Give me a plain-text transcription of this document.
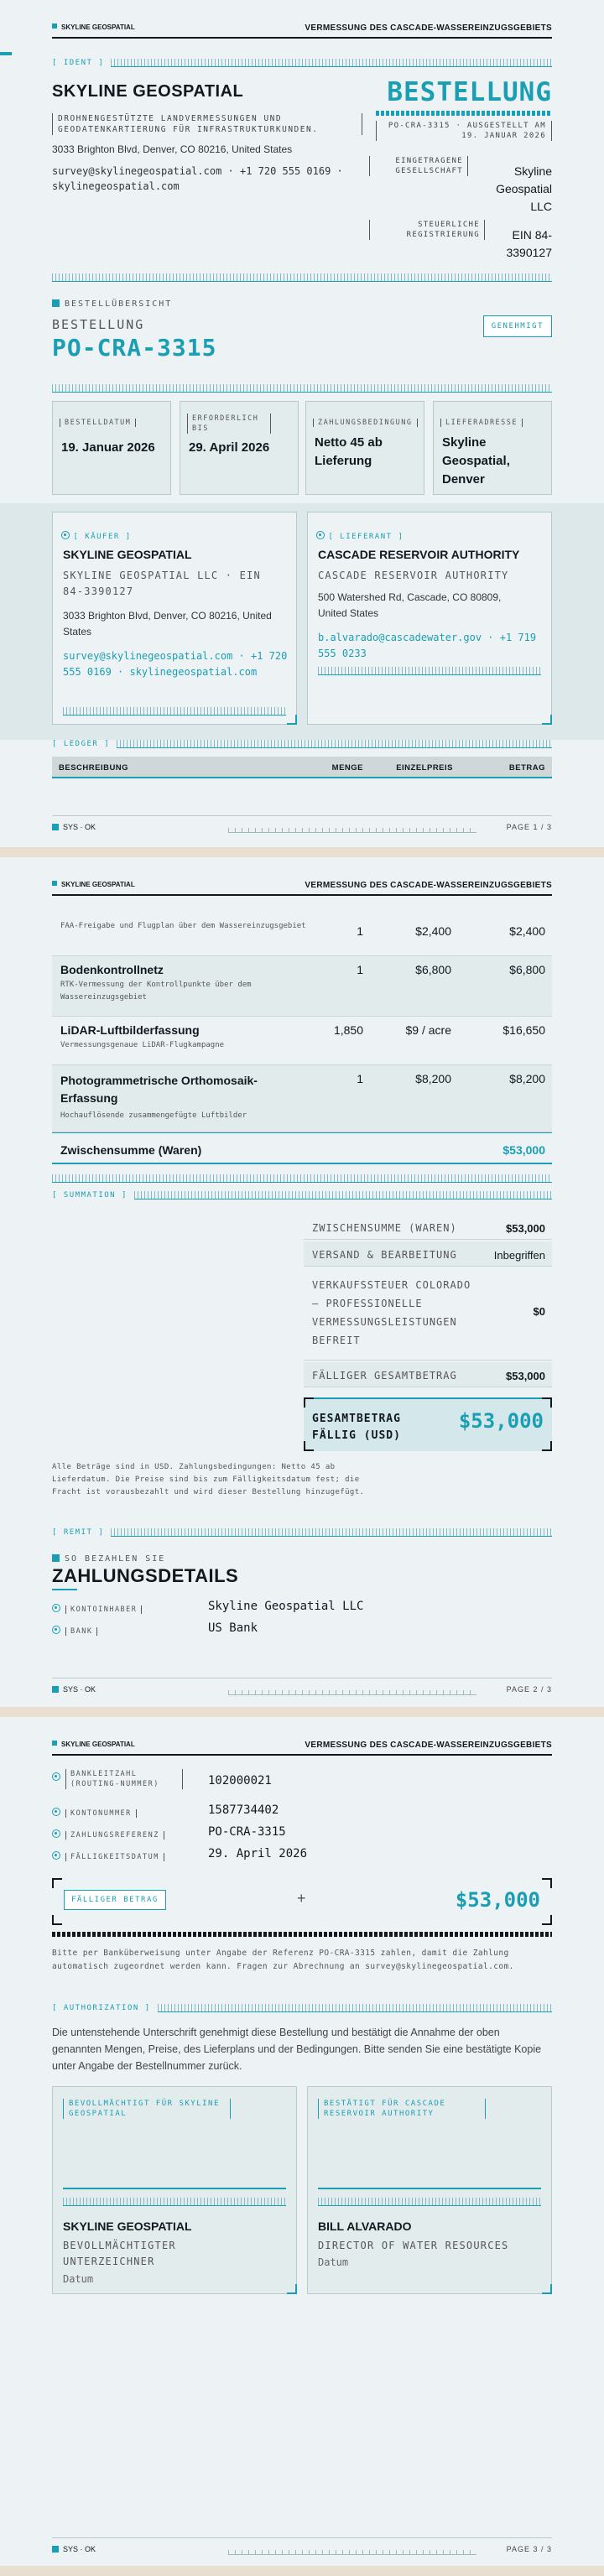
SKYLINE GEOSPATIAL	VERMESSUNG DES CASCADE-WASSEREINZUGSGEBIETS
[ IDENT ]
SKYLINE GEOSPATIAL
DROHNENGESTÜTZTE LANDVERMESSUNGEN UND GEODATENKARTIERUNG FÜR INFRASTRUKTURKUNDEN.
3033 Brighton Blvd, Denver, CO 80216, United States
survey@skylinegeospatial.com · +1 720 555 0169 · skylinegeospatial.com
BESTELLUNG
PO-CRA-3315 · AUSGESTELLT AM 19. JANUAR 2026
EINGETRAGENE GESELLSCHAFT	Skyline Geospatial LLC
STEUERLICHE REGISTRIERUNG	EIN 84-3390127
BESTELLÜBERSICHT
BESTELLUNG
PO-CRA-3315
GENEHMIGT
BESTELLDATUM
19. Januar 2026
ERFORDERLICH BIS
29. April 2026
ZAHLUNGSBEDINGUNG
Netto 45 ab Lieferung
LIEFERADRESSE
Skyline Geospatial, Denver
[ KÄUFER ]
SKYLINE GEOSPATIAL
SKYLINE GEOSPATIAL LLC · EIN 84-3390127
3033 Brighton Blvd, Denver, CO 80216, United States
survey@skylinegeospatial.com · +1 720 555 0169 · skylinegeospatial.com
[ LIEFERANT ]
CASCADE RESERVOIR AUTHORITY
CASCADE RESERVOIR AUTHORITY
500 Watershed Rd, Cascade, CO 80809, United States
b.alvarado@cascadewater.gov · +1 719 555 0233
[ LEDGER ]
BESCHREIBUNG	MENGE	EINZELPREIS	BETRAG
SYS · OK	PAGE 1 / 3
SKYLINE GEOSPATIAL	VERMESSUNG DES CASCADE-WASSEREINZUGSGEBIETS
FAA-Freigabe und Flugplan über dem Wassereinzugsgebiet	1	$2,400	$2,400
Bodenkontrollnetz
RTK-Vermessung der Kontrollpunkte über dem Wassereinzugsgebiet
1	$6,800	$6,800
LiDAR-Luftbilderfassung
Vermessungsgenaue LiDAR-Flugkampagne
1,850	$9 / acre	$16,650
Photogrammetrische Orthomosaik-Erfassung
Hochauflösende zusammengefügte Luftbilder
1	$8,200	$8,200
Zwischensumme (Waren)	$53,000
[ SUMMATION ]
ZWISCHENSUMME (WAREN)	$53,000
VERSAND & BEARBEITUNG	Inbegriffen
VERKAUFSSTEUER COLORADO – PROFESSIONELLE VERMESSUNGSLEISTUNGEN BEFREIT
$0
FÄLLIGER GESAMTBETRAG	$53,000
GESAMTBETRAG FÄLLIG (USD)
$53,000
Alle Beträge sind in USD. Zahlungsbedingungen: Netto 45 ab Lieferdatum. Die Preise sind bis zum Fälligkeitsdatum fest; die Fracht ist vorausbezahlt und wird dieser Bestellung hinzugefügt.
[ REMIT ]
SO BEZAHLEN SIE
ZAHLUNGSDETAILS
KONTOINHABER	Skyline Geospatial LLC
BANK	US Bank
SYS · OK	PAGE 2 / 3
SKYLINE GEOSPATIAL	VERMESSUNG DES CASCADE-WASSEREINZUGSGEBIETS
BANKLEITZAHL (ROUTING-NUMMER)	102000021
KONTONUMMER	1587734402
ZAHLUNGSREFERENZ	PO-CRA-3315
FÄLLIGKEITSDATUM	29. April 2026
FÄLLIGER BETRAG	+	$53,000
Bitte per Banküberweisung unter Angabe der Referenz PO-CRA-3315 zahlen, damit die Zahlung automatisch zugeordnet werden kann. Fragen zur Abrechnung an survey@skylinegeospatial.com.
[ AUTHORIZATION ]
Die untenstehende Unterschrift genehmigt diese Bestellung und bestätigt die Annahme der oben genannten Mengen, Preise, des Lieferplans und der Bedingungen. Bitte senden Sie eine bestätigte Kopie unter Angabe der Bestellnummer zurück.
BEVOLLMÄCHTIGT FÜR SKYLINE GEOSPATIAL
SKYLINE GEOSPATIAL
BEVOLLMÄCHTIGTER UNTERZEICHNER
Datum
BESTÄTIGT FÜR CASCADE RESERVOIR AUTHORITY
BILL ALVARADO
DIRECTOR OF WATER RESOURCES
Datum
SYS · OK	PAGE 3 / 3
